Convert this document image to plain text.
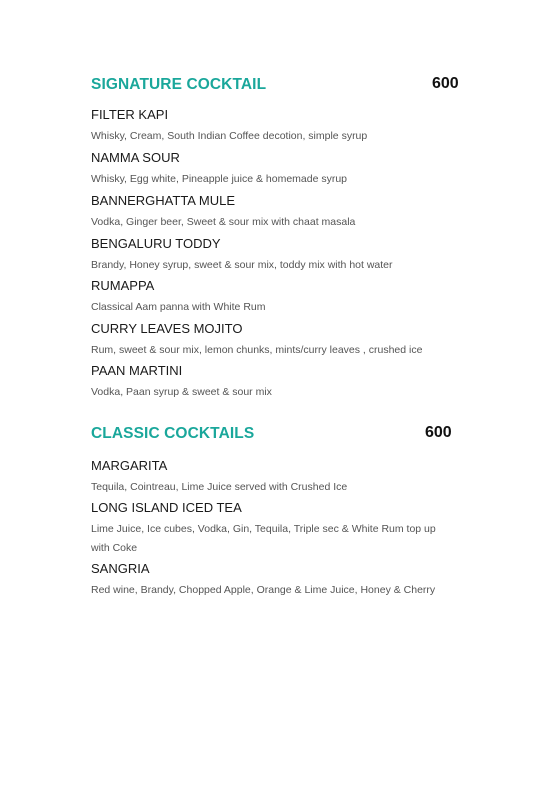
SIGNATURE COCKTAIL	600
FILTER KAPI
Whisky, Cream, South Indian Coffee decotion, simple syrup
NAMMA SOUR
Whisky, Egg white, Pineapple juice & homemade syrup
BANNERGHATTA MULE
Vodka, Ginger beer, Sweet & sour mix with chaat masala
BENGALURU TODDY
Brandy, Honey syrup, sweet & sour mix, toddy mix with hot water
RUMAPPA
Classical Aam panna with White Rum
CURRY LEAVES MOJITO
Rum, sweet & sour mix, lemon chunks, mints/curry leaves , crushed ice
PAAN MARTINI
Vodka, Paan syrup & sweet & sour mix
CLASSIC COCKTAILS	600
MARGARITA
Tequila, Cointreau, Lime Juice served with Crushed Ice
LONG ISLAND ICED TEA
Lime Juice, Ice cubes, Vodka, Gin, Tequila, Triple sec & White Rum top up with Coke
SANGRIA
Red wine, Brandy, Chopped Apple, Orange & Lime Juice, Honey & Cherry
